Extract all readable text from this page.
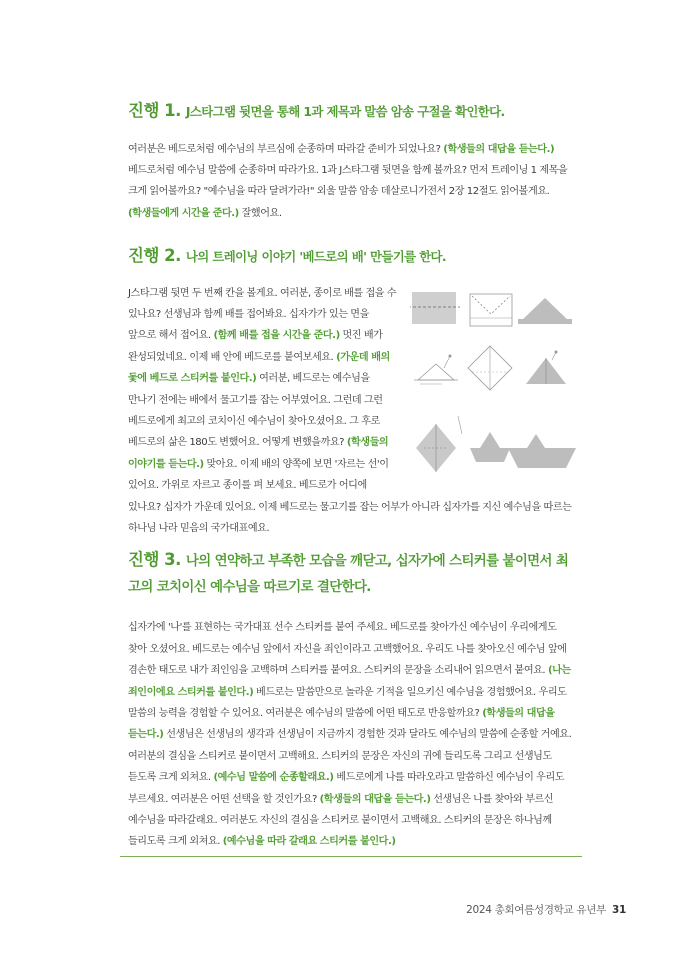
진행 1. J스타그램 뒷면을 통해 1과 제목과 말씀 암송 구절을 확인한다.

여러분은 베드로처럼 예수님의 부르심에 순종하며 따라갈 준비가 되었나요? (학생들의 대답을 듣는다.) 베드로처럼 예수님 말씀에 순종하며 따라가요. 1과 J스타그램 뒷면을 함께 볼까요? 먼저 트레이닝 1 제목을 크게 읽어볼까요? "예수님을 따라 달려가라!" 외울 말씀 암송 데살로니가전서 2장 12절도 읽어볼게요. (학생들에게 시간을 준다.) 잘했어요.

진행 2. 나의 트레이닝 이야기 '베드로의 배' 만들기를 한다.

J스타그램 뒷면 두 번째 칸을 볼게요. 여러분, 종이로 배를 접을 수 있나요? 선생님과 함께 배를 접어봐요. 십자가가 있는 면을 앞으로 해서 접어요. (함께 배를 접을 시간을 준다.) 멋진 배가 완성되었네요. 이제 배 안에 베드로를 붙여보세요. (가운데 배의 돛에 베드로 스티커를 붙인다.) 여러분, 베드로는 예수님을 만나기 전에는 배에서 물고기를 잡는 어부였어요. 그런데 그런 베드로에게 최고의 코치이신 예수님이 찾아오셨어요. 그 후로 베드로의 삶은 180도 변했어요. 어떻게 변했을까요? (학생들의 이야기를 듣는다.) 맞아요. 이제 배의 양쪽에 보면 '자르는 선'이 있어요. 가위로 자르고 종이를 펴 보세요. 베드로가 어디에 있나요? 십자가 가운데 있어요. 이제 베드로는 물고기를 잡는 어부가 아니라 십자가를 지신 예수님을 따르는 하나님 나라 믿음의 국가대표예요.

진행 3. 나의 연약하고 부족한 모습을 깨닫고, 십자가에 스티커를 붙이면서 최고의 코치이신 예수님을 따르기로 결단한다.

십자가에 '나'를 표현하는 국가대표 선수 스티커를 붙여 주세요. 베드로를 찾아가신 예수님이 우리에게도 찾아 오셨어요. 베드로는 예수님 앞에서 자신을 죄인이라고 고백했어요. 우리도 나를 찾아오신 예수님 앞에 겸손한 태도로 내가 죄인임을 고백하며 스티커를 붙여요. 스티커의 문장을 소리내어 읽으면서 붙여요. (나는 죄인이에요 스티커를 붙인다.) 베드로는 말씀만으로 놀라운 기적을 일으키신 예수님을 경험했어요. 우리도 말씀의 능력을 경험할 수 있어요. 여러분은 예수님의 말씀에 어떤 태도로 반응할까요? (학생들의 대답을 듣는다.) 선생님은 선생님의 생각과 선생님이 지금까지 경험한 것과 달라도 예수님의 말씀에 순종할 거예요. 여러분의 결심을 스티커로 붙이면서 고백해요. 스티커의 문장은 자신의 귀에 들리도록 그리고 선생님도 듣도록 크게 외쳐요. (예수님 말씀에 순종할래요.) 베드로에게 나를 따라오라고 말씀하신 예수님이 우리도 부르세요. 여러분은 어떤 선택을 할 것인가요? (학생들의 대답을 듣는다.) 선생님은 나를 찾아와 부르신 예수님을 따라갈래요. 여러분도 자신의 결심을 스티커로 붙이면서 고백해요. 스티커의 문장은 하나님께 들리도록 크게 외쳐요. (예수님을 따라 갈래요 스티커를 붙인다.)

2024 총회여름성경학교 유년부 31
